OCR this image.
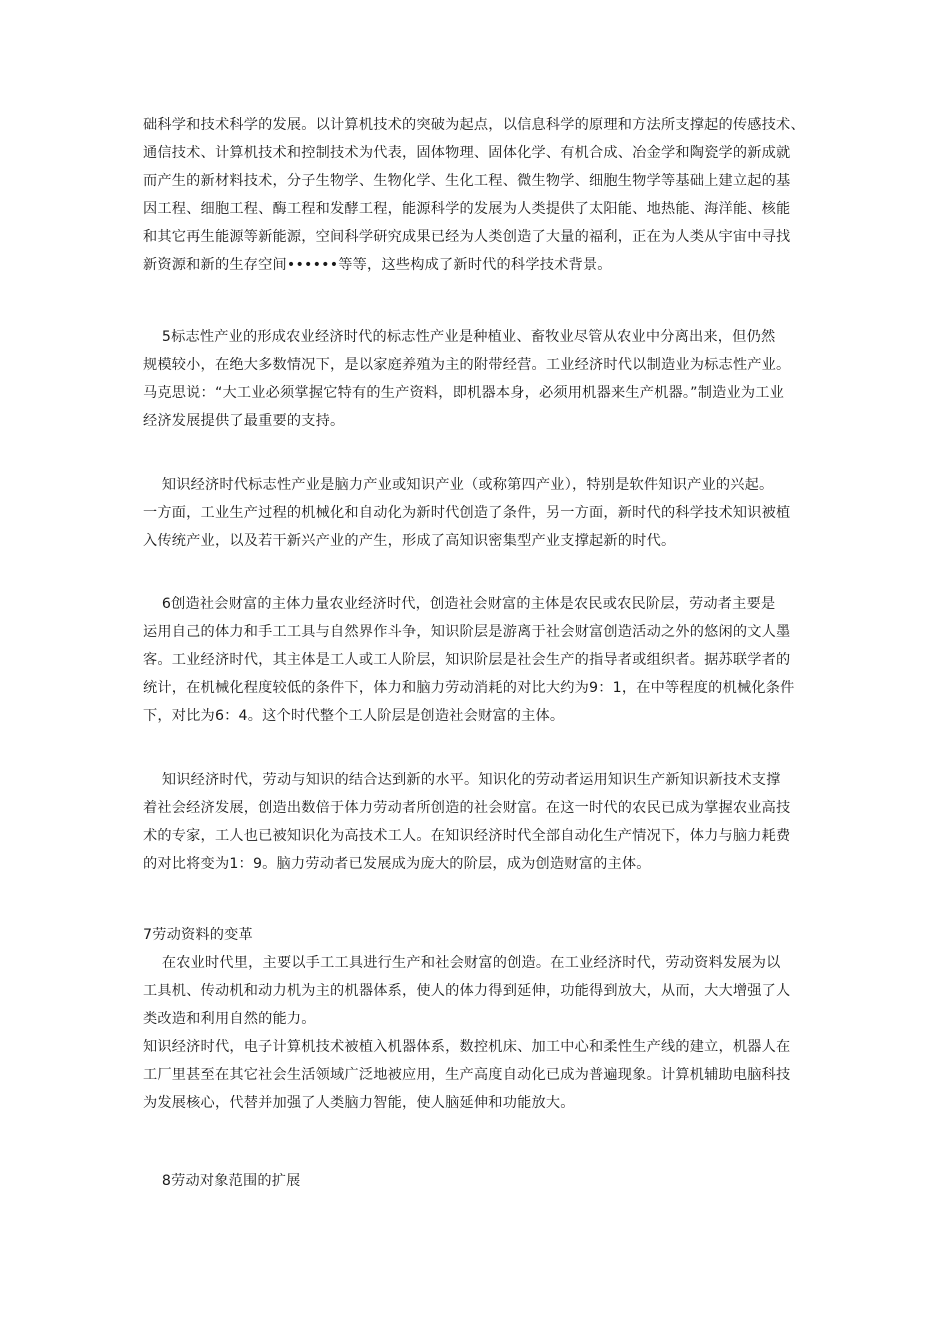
础科学和技术科学的发展。以计算机技术的突破为起点，以信息科学的原理和方法所支撑起的传感技术、
通信技术、计算机技术和控制技术为代表，固体物理、固体化学、有机合成、冶金学和陶瓷学的新成就
而产生的新材料技术，分子生物学、生物化学、生化工程、微生物学、细胞生物学等基础上建立起的基
因工程、细胞工程、酶工程和发酵工程，能源科学的发展为人类提供了太阳能、地热能、海洋能、核能
和其它再生能源等新能源，空间科学研究成果已经为人类创造了大量的福利，正在为人类从宇宙中寻找
新资源和新的生存空间••••••等等，这些构成了新时代的科学技术背景。
5标志性产业的形成农业经济时代的标志性产业是种植业、畜牧业尽管从农业中分离出来，但仍然
规模较小，在绝大多数情况下，是以家庭养殖为主的附带经营。工业经济时代以制造业为标志性产业。
马克思说：“大工业必须掌握它特有的生产资料，即机器本身，必须用机器来生产机器。”制造业为工业
经济发展提供了最重要的支持。
知识经济时代标志性产业是脑力产业或知识产业（或称第四产业），特别是软件知识产业的兴起。
一方面，工业生产过程的机械化和自动化为新时代创造了条件，另一方面，新时代的科学技术知识被植
入传统产业，以及若干新兴产业的产生，形成了高知识密集型产业支撑起新的时代。
6创造社会财富的主体力量农业经济时代，创造社会财富的主体是农民或农民阶层，劳动者主要是
运用自己的体力和手工工具与自然界作斗争，知识阶层是游离于社会财富创造活动之外的悠闲的文人墨
客。工业经济时代，其主体是工人或工人阶层，知识阶层是社会生产的指导者或组织者。据苏联学者的
统计，在机械化程度较低的条件下，体力和脑力劳动消耗的对比大约为9：1，在中等程度的机械化条件
下，对比为6：4。这个时代整个工人阶层是创造社会财富的主体。
知识经济时代，劳动与知识的结合达到新的水平。知识化的劳动者运用知识生产新知识新技术支撑
着社会经济发展，创造出数倍于体力劳动者所创造的社会财富。在这一时代的农民已成为掌握农业高技
术的专家，工人也已被知识化为高技术工人。在知识经济时代全部自动化生产情况下，体力与脑力耗费
的对比将变为1：9。脑力劳动者已发展成为庞大的阶层，成为创造财富的主体。
7劳动资料的变革
在农业时代里，主要以手工工具进行生产和社会财富的创造。在工业经济时代，劳动资料发展为以
工具机、传动机和动力机为主的机器体系，使人的体力得到延伸，功能得到放大，从而，大大增强了人
类改造和利用自然的能力。
知识经济时代，电子计算机技术被植入机器体系，数控机床、加工中心和柔性生产线的建立，机器人在
工厂里甚至在其它社会生活领域广泛地被应用，生产高度自动化已成为普遍现象。计算机辅助电脑科技
为发展核心，代替并加强了人类脑力智能，使人脑延伸和功能放大。
8劳动对象范围的扩展
